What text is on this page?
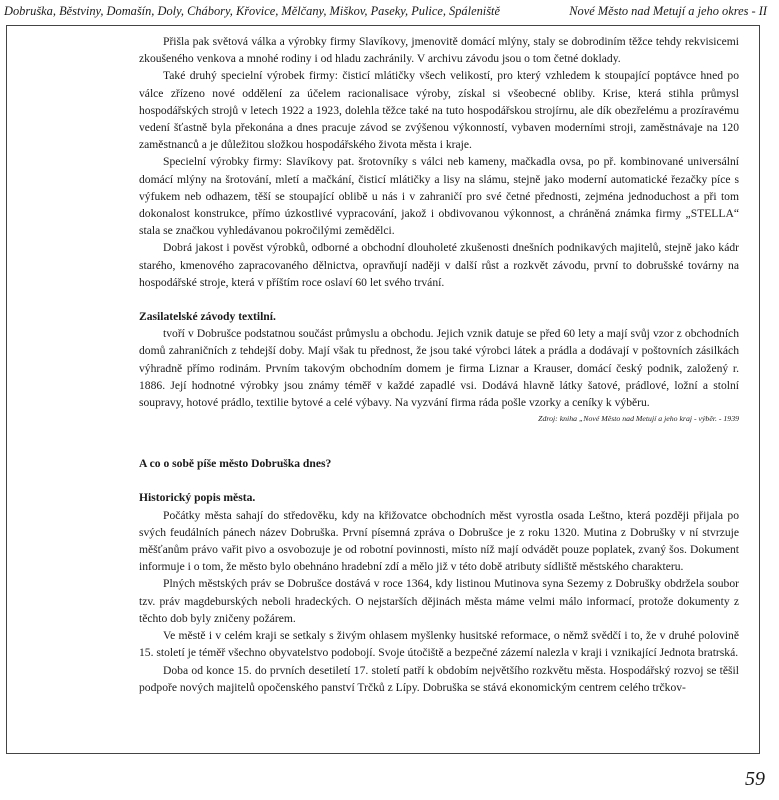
Dobruška, Běstviny, Domašín, Doly, Chábory, Křovice, Mělčany, Miškov, Paseky, Pulice, Spáleniště	Nové Město nad Metují a jeho okres - II

Přišla pak světová válka a výrobky firmy Slavíkovy, jmenovitě domácí mlýny, staly se dobrodiním těžce tehdy rekvisicemi zkoušeného venkova a mnohé rodiny i od hladu zachránily. V archivu závodu jsou o tom četné doklady.

Také druhý specielní výrobek firmy: čisticí mlátičky všech velikostí, pro který vzhledem k stoupající poptávce hned po válce zřízeno nové oddělení za účelem racionalisace výroby, získal si všeobecné obliby. Krise, která stihla průmysl hospodářských strojů v letech 1922 a 1923, dolehla těžce také na tuto hospodářskou strojírnu, ale dík obezřelému a prozíravému vedení šťastně byla překonána a dnes pracuje závod se zvýšenou výkonností, vybaven moderními stroji, zaměstnávaje na 120 zaměstnanců a je důležitou složkou hospodářského života města i kraje.

Specielní výrobky firmy: Slavíkovy pat. šrotovníky s válci neb kameny, mačkadla ovsa, po př. kombinované universální domácí mlýny na šrotování, mletí a mačkání, čisticí mlátičky a lisy na slámu, stejně jako moderní automatické řezačky píce s výfukem neb odhazem, těší se stoupající oblibě u nás i v zahraničí pro své četné přednosti, zejména jednoduchost a při tom dokonalost konstrukce, přímo úzkostlivé vypracování, jakož i obdivovanou výkonnost, a chráněná známka firmy „STELLA“ stala se značkou vyhledávanou pokročilými zemědělci.

Dobrá jakost i pověst výrobků, odborné a obchodní dlouholeté zkušenosti dnešních podnikavých majitelů, stejně jako kádr starého, kmenového zapracovaného dělnictva, opravňují naději v další růst a rozkvět závodu, první to dobrušské továrny na hospodářské stroje, která v příštím roce oslaví 60 let svého trvání.

Zasilatelské závody textilní.

tvoří v Dobrušce podstatnou součást průmyslu a obchodu. Jejich vznik datuje se před 60 lety a mají svůj vzor z obchodních domů zahraničních z tehdejší doby. Mají však tu přednost, že jsou také výrobci látek a prádla a dodávají v poštovních zásilkách výhradně přímo rodinám. Prvním takovým obchodním domem je firma Liznar a Krauser, domácí český podnik, založený r. 1886. Její hodnotné výrobky jsou známy téměř v každé zapadlé vsi. Dodává hlavně látky šatové, prádlové, ložní a stolní soupravy, hotové prádlo, textilie bytové a celé výbavy. Na vyzvání firma ráda pošle vzorky a ceníky k výběru.

Zdroj: kniha „Nové Město nad Metují a jeho kraj - výběr. - 1939
A co o sobě píše město Dobruška dnes?
Historický popis města.

Počátky města sahají do středověku, kdy na křižovatce obchodních měst vyrostla osada Leštno, která později přijala po svých feudálních pánech název Dobruška. První písemná zpráva o Dobrušce je z roku 1320. Mutina z Dobrušky v ní stvrzuje měšťanům právo vařit pivo a osvobozuje je od robotní povinnosti, místo níž mají odvádět pouze poplatek, zvaný šos. Dokument informuje i o tom, že město bylo obehnáno hradební zdí a mělo již v této době atributy sídliště městského charakteru.

Plných městských práv se Dobrušce dostává v roce 1364, kdy listinou Mutinova syna Sezemy z Dobrušky obdržela soubor tzv. práv magdeburských neboli hradeckých. O nejstarších dějinách města máme velmi málo informací, protože dokumenty z těchto dob byly zničeny požárem.

Ve městě i v celém kraji se setkaly s živým ohlasem myšlenky husitské reformace, o němž svědčí i to, že v druhé polovině 15. století je téměř všechno obyvatelstvo podobojí. Svoje útočiště a bezpečné zázemí nalezla v kraji i vznikající Jednota bratrská.

Doba od konce 15. do prvních desetiletí 17. století patří k obdobím největšího rozkvětu města. Hospodářský rozvoj se těšil podpoře nových majitelů opočenského panství Trčků z Lípy. Dobruška se stává ekonomickým centrem celého trčkov-

59
